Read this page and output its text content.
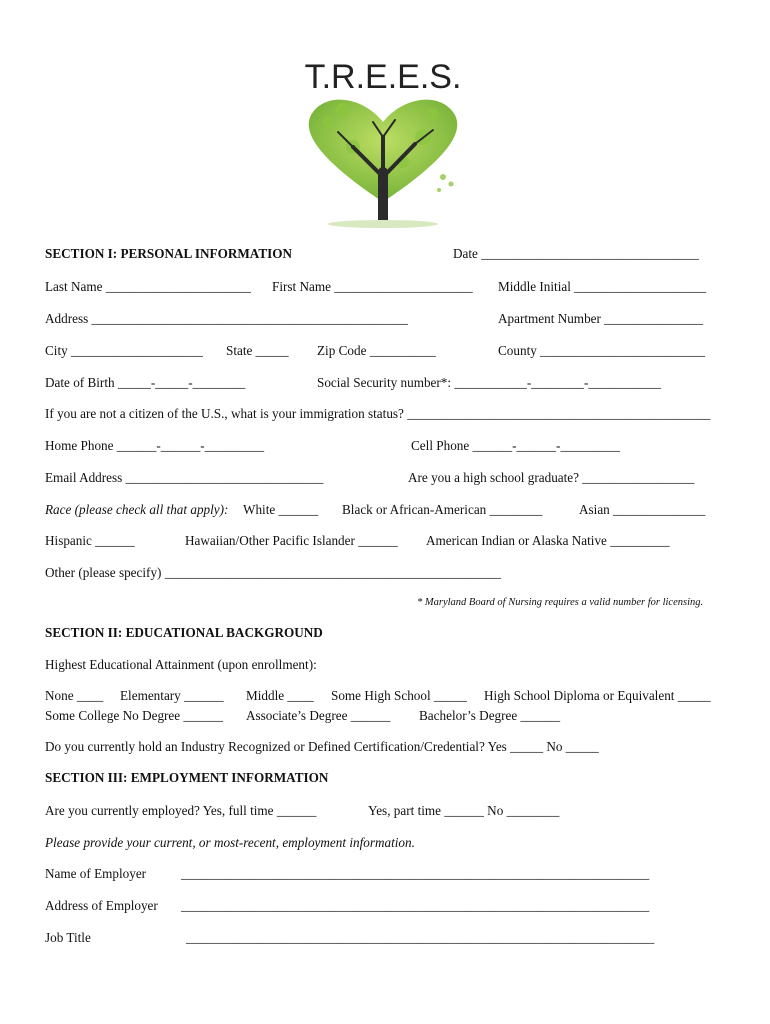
T.R.E.E.S.
SECTION I: PERSONAL INFORMATION	Date _________________________________
Last Name ______________________ First Name _____________________ Middle Initial ____________________
Address ________________________________________________	Apartment Number _______________
City ____________________ State _____ Zip Code __________	County _________________________
Date of Birth _____-_____-________	Social Security number*: ___________-________-___________
If you are not a citizen of the U.S., what is your immigration status? ______________________________________________
Home Phone ______-______-_________	Cell Phone ______-______-_________
Email Address ______________________________	Are you a high school graduate? _________________
Race (please check all that apply): White ______ Black or African-American ________	Asian ______________
Hispanic ______	Hawaiian/Other Pacific Islander ______ American Indian or Alaska Native _________
Other (please specify) ___________________________________________________
* Maryland Board of Nursing requires a valid number for licensing.
SECTION II: EDUCATIONAL BACKGROUND
Highest Educational Attainment (upon enrollment):
None ____ Elementary ______ Middle ____ Some High School _____ High School Diploma or Equivalent _____
Some College No Degree ______ Associate’s Degree ______ Bachelor’s Degree ______
Do you currently hold an Industry Recognized or Defined Certification/Credential? Yes _____ No _____
SECTION III: EMPLOYMENT INFORMATION
Are you currently employed? Yes, full time ______	Yes, part time ______ No ________
Please provide your current, or most-recent, employment information.
Name of Employer	_______________________________________________________________________
Address of Employer _______________________________________________________________________
Job Title	_______________________________________________________________________
